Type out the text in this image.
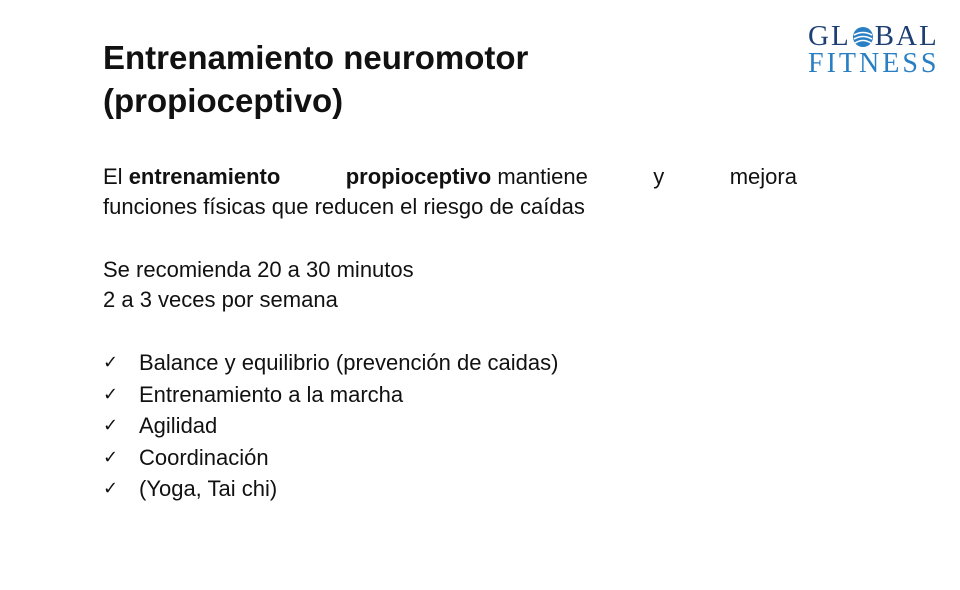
Entrenamiento neuromotor
(propioceptivo)
GL BAL
FITNESS
El entrenamiento	propioceptivo mantiene	y	mejora
funciones físicas que reducen el riesgo de caídas
Se recomienda 20 a 30 minutos
2 a 3 veces por semana
✓ Balance y equilibrio (prevención de caidas)
✓ Entrenamiento a la marcha
✓ Agilidad
✓ Coordinación
✓ (Yoga, Tai chi)
